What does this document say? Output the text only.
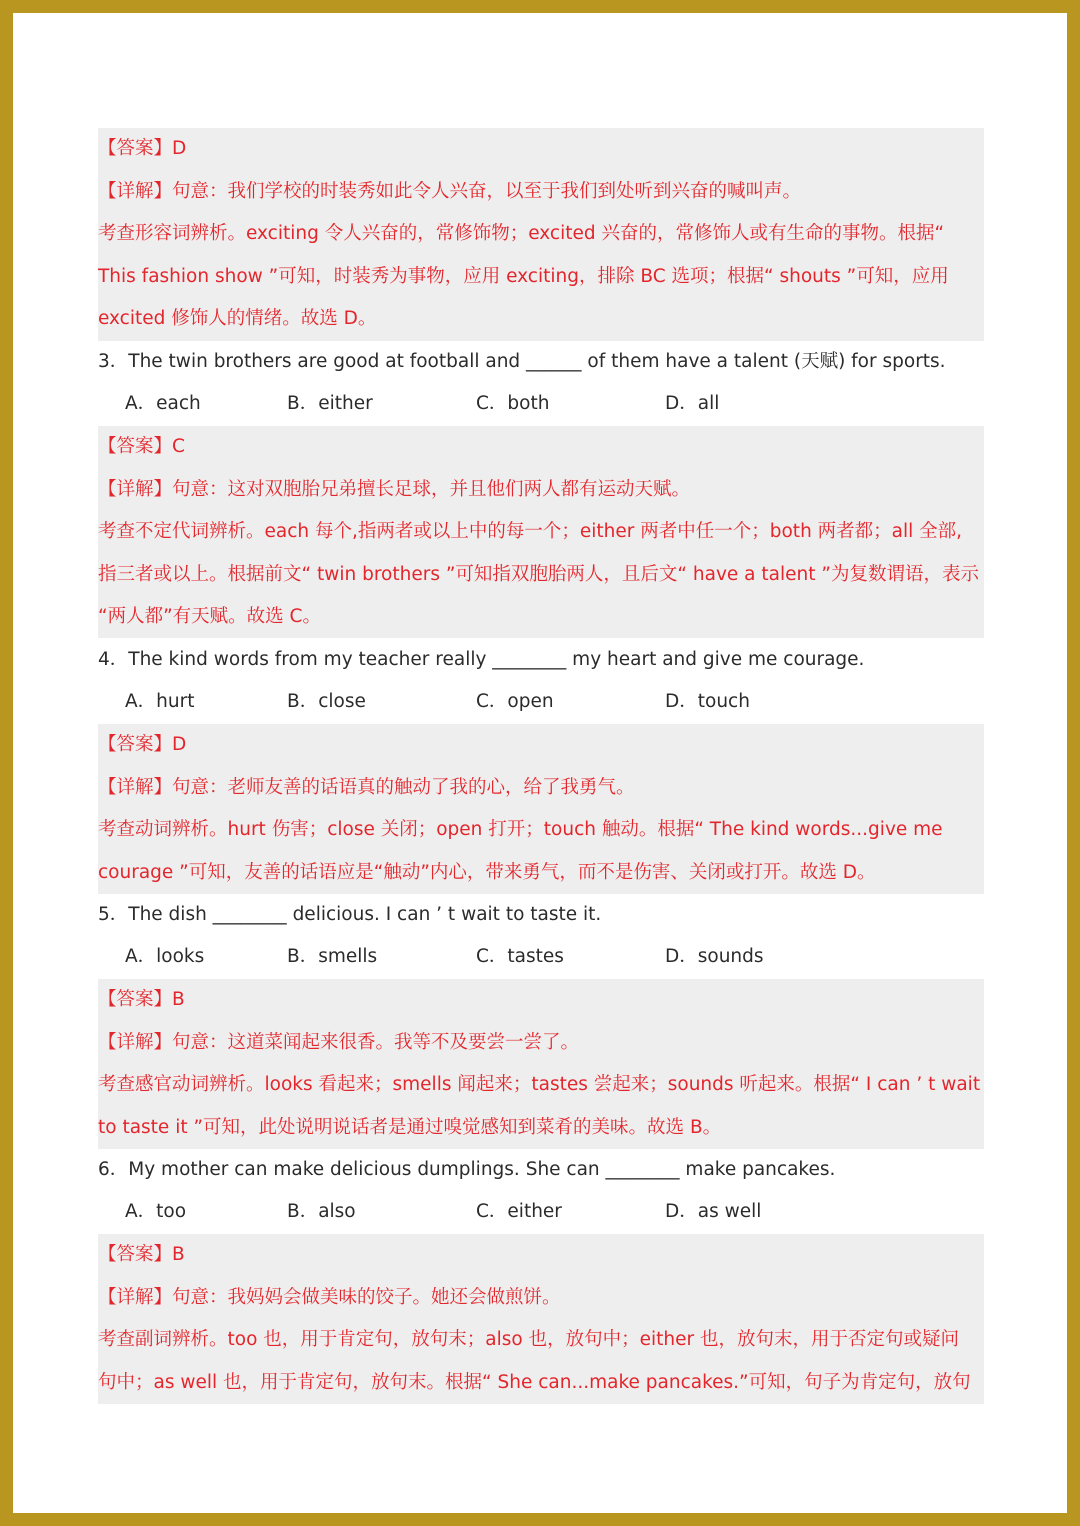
【答案】D
【详解】句意：我们学校的时装秀如此令人兴奋，以至于我们到处听到兴奋的喊叫声。
考查形容词辨析。exciting 令人兴奋的，常修饰物；excited 兴奋的，常修饰人或有生命的事物。根据“
This fashion show ”可知，时装秀为事物，应用 exciting，排除 BC 选项；根据“ shouts ”可知，应用
excited 修饰人的情绪。故选 D。
3．The twin brothers are good at football and ______ of them have a talent (天赋) for sports.
A．each	B．either	C．both	D．all
【答案】C
【详解】句意：这对双胞胎兄弟擅长足球，并且他们两人都有运动天赋。
考查不定代词辨析。each 每个,指两者或以上中的每一个；either 两者中任一个；both 两者都；all 全部,
指三者或以上。根据前文“ twin brothers ”可知指双胞胎两人，且后文“ have a talent ”为复数谓语，表示
“两人都”有天赋。故选 C。
4．The kind words from my teacher really ________ my heart and give me courage.
A．hurt	B．close	C．open	D．touch
【答案】D
【详解】句意：老师友善的话语真的触动了我的心，给了我勇气。
考查动词辨析。hurt 伤害；close 关闭；open 打开；touch 触动。根据“ The kind words...give me
courage ”可知，友善的话语应是“触动”内心，带来勇气，而不是伤害、关闭或打开。故选 D。
5．The dish ________ delicious. I can ’ t wait to taste it.
A．looks	B．smells	C．tastes	D．sounds
【答案】B
【详解】句意：这道菜闻起来很香。我等不及要尝一尝了。
考查感官动词辨析。looks 看起来；smells 闻起来；tastes 尝起来；sounds 听起来。根据“ I can ’ t wait
to taste it ”可知，此处说明说话者是通过嗅觉感知到菜肴的美味。故选 B。
6．My mother can make delicious dumplings. She can ________ make pancakes.
A．too	B．also	C．either	D．as well
【答案】B
【详解】句意：我妈妈会做美味的饺子。她还会做煎饼。
考查副词辨析。too 也，用于肯定句，放句末；also 也，放句中；either 也，放句末，用于否定句或疑问
句中；as well 也，用于肯定句，放句末。根据“ She can...make pancakes.”可知，句子为肯定句，放句
